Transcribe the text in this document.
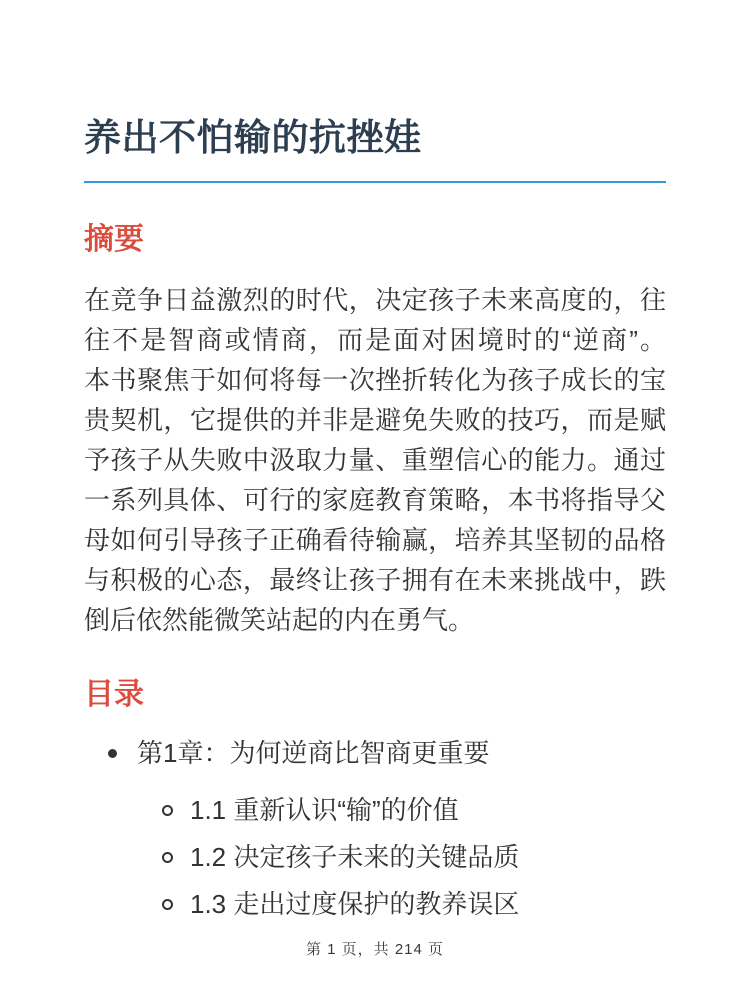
养出不怕输的抗挫娃
摘要
在竞争日益激烈的时代，决定孩子未来高度的，往
往不是智商或情商，而是面对困境时的“逆商”。
本书聚焦于如何将每一次挫折转化为孩子成长的宝
贵契机，它提供的并非是避免失败的技巧，而是赋
予孩子从失败中汲取力量、重塑信心的能力。通过
一系列具体、可行的家庭教育策略，本书将指导父
母如何引导孩子正确看待输赢，培养其坚韧的品格
与积极的心态，最终让孩子拥有在未来挑战中，跌
倒后依然能微笑站起的内在勇气。
目录
第1章：为何逆商比智商更重要
1.1 重新认识“输”的价值
1.2 决定孩子未来的关键品质
1.3 走出过度保护的教养误区
第 1 页，共 214 页
